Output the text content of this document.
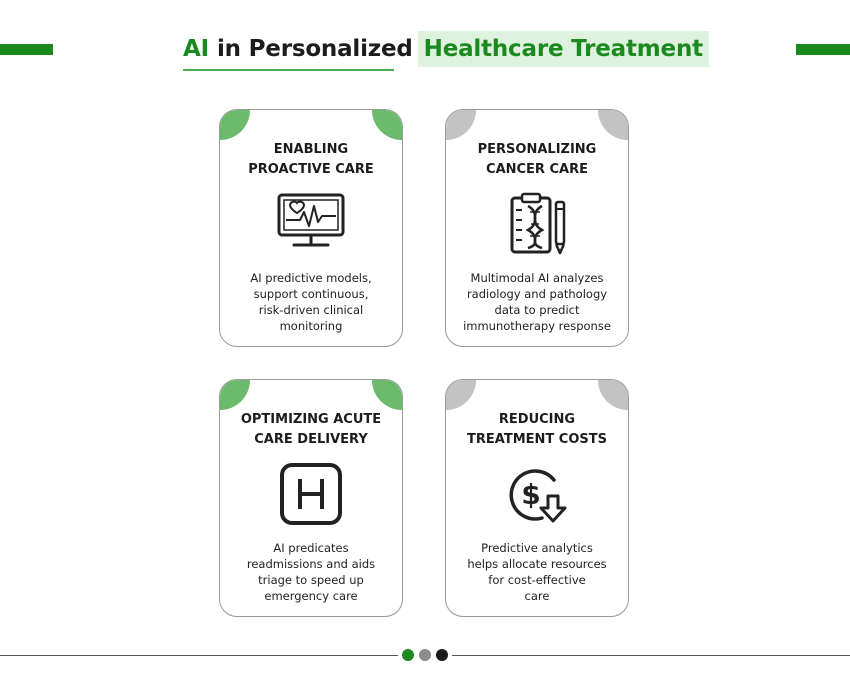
AI in Personalized Healthcare Treatment
ENABLING
PROACTIVE CARE
AI predictive models,
support continuous,
risk-driven clinical
monitoring
PERSONALIZING
CANCER CARE
Multimodal AI analyzes
radiology and pathology
data to predict
immunotherapy response
OPTIMIZING ACUTE
CARE DELIVERY
AI predicates
readmissions and aids
triage to speed up
emergency care
REDUCING
TREATMENT COSTS
$
Predictive analytics
helps allocate resources
for cost-effective
care
